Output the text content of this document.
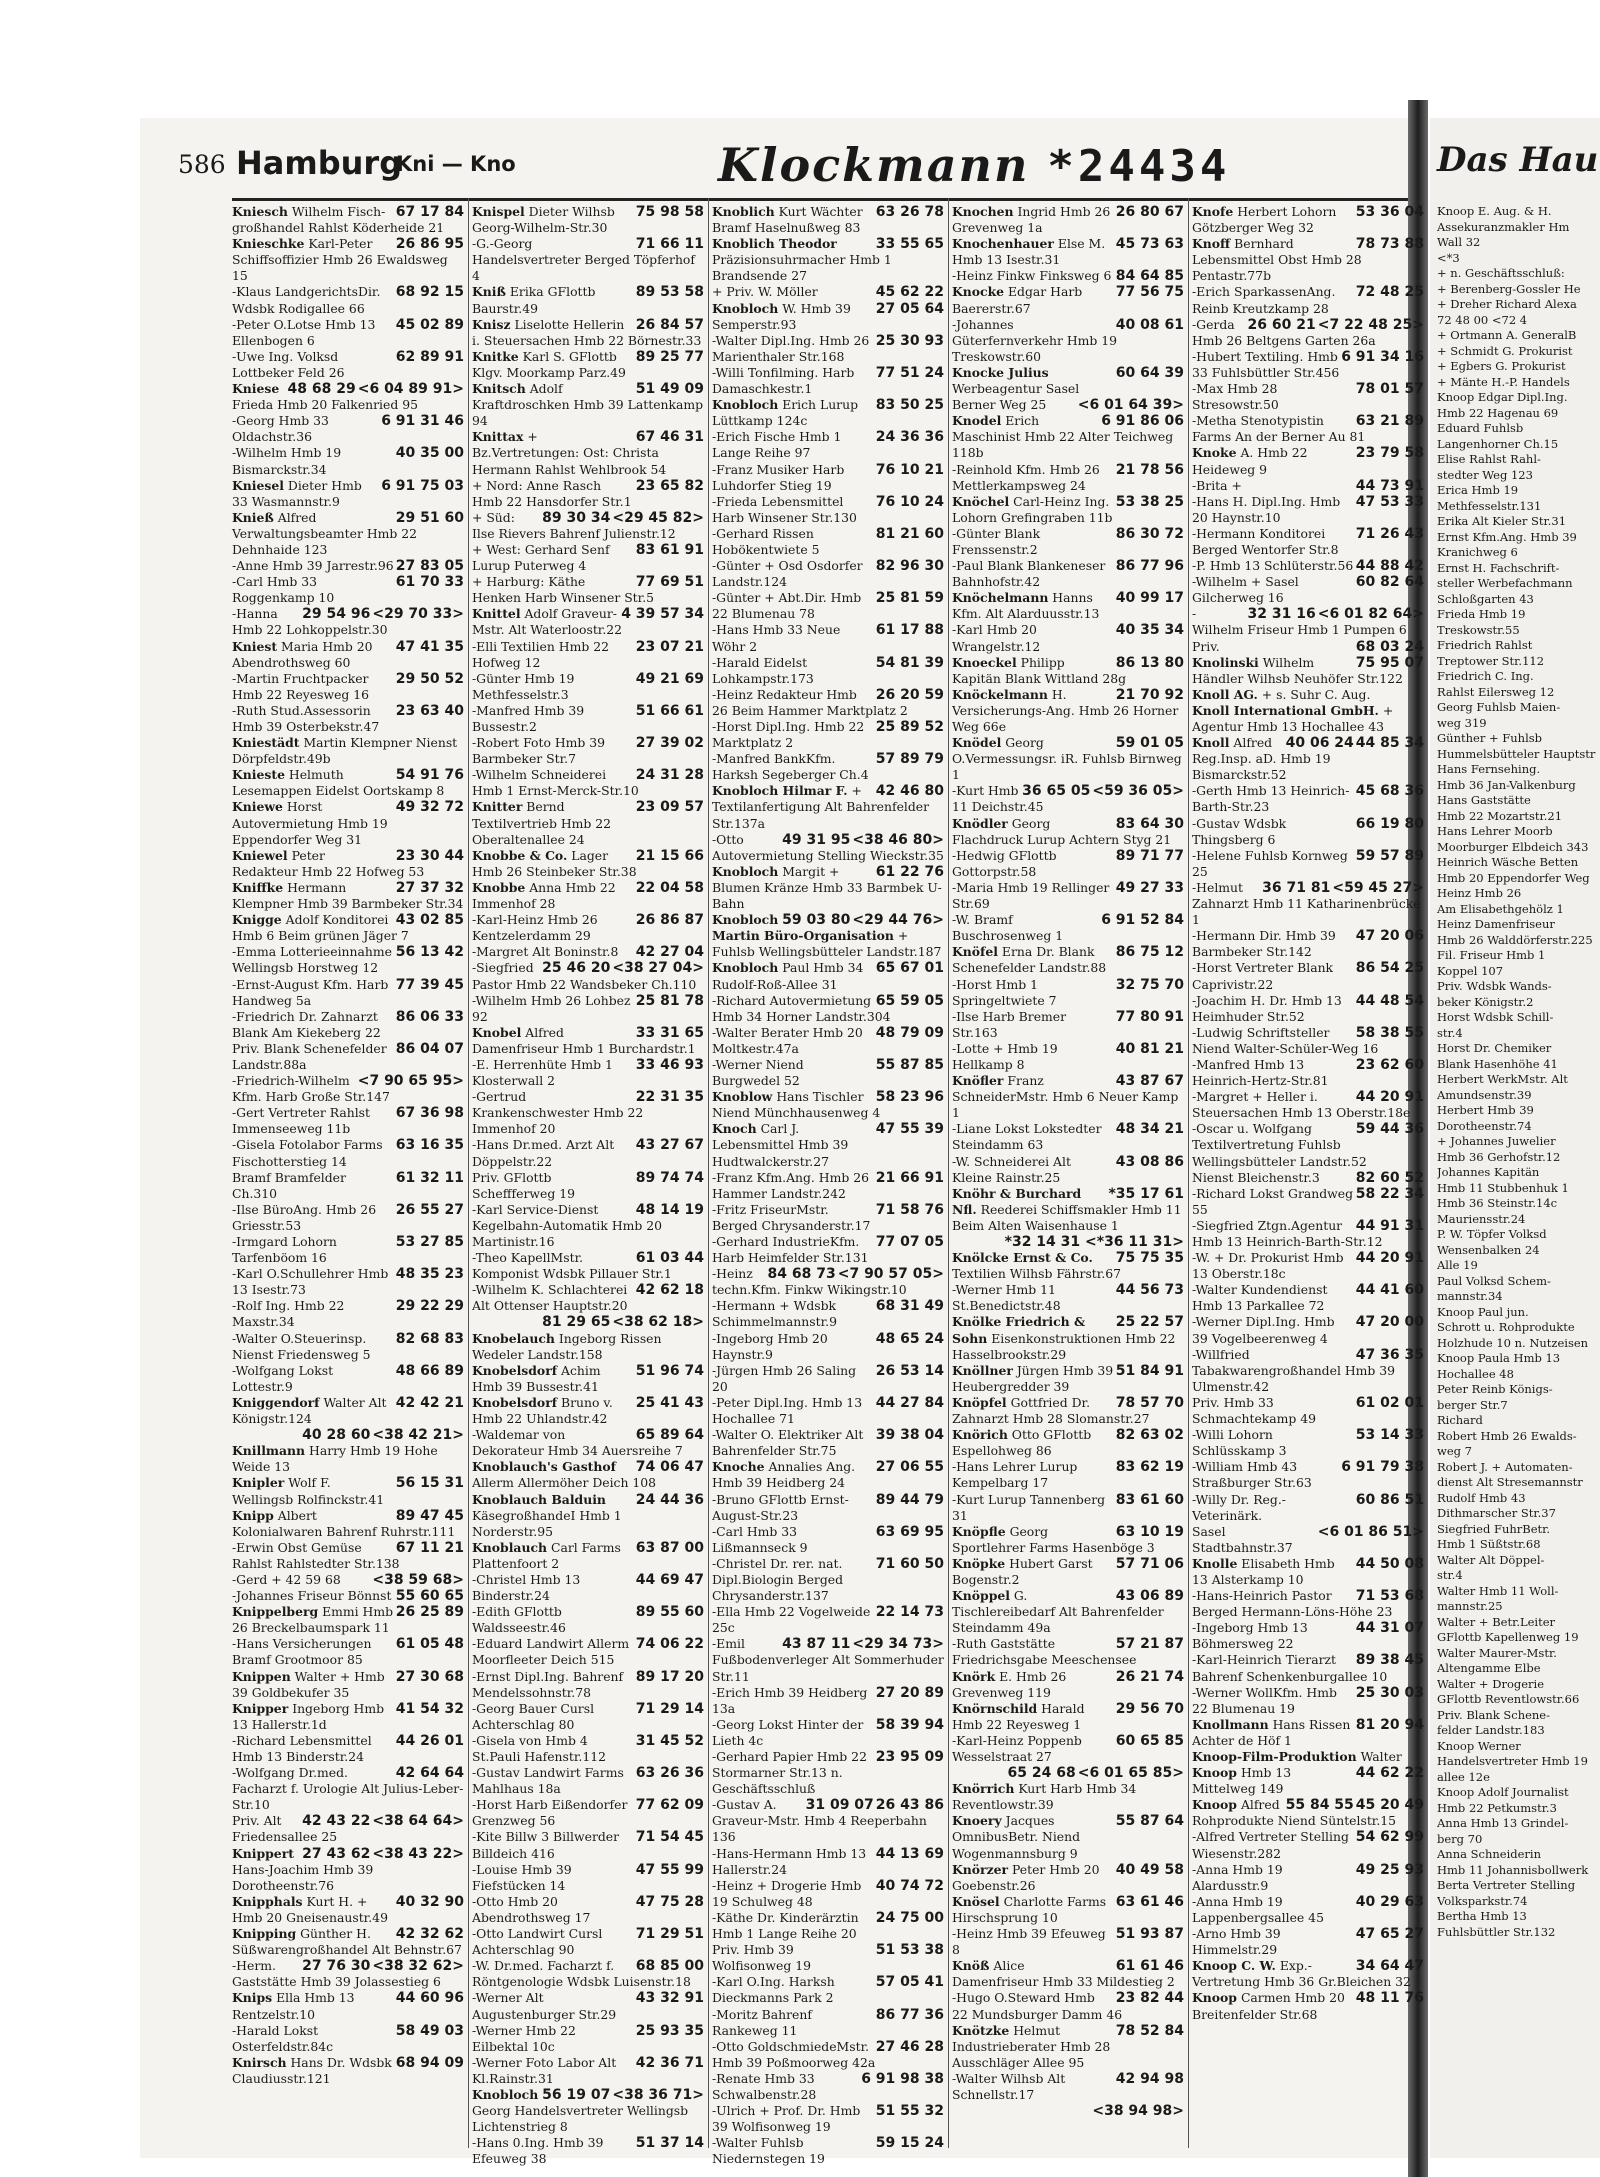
586 Hamburg
Kni — Kno	Klockmann *24434	Das Hau
67 17 84
Kniesch Wilhelm Fisch-großhandel Rahlst Köderheide 21
26 86 95
Knieschke Karl-Peter Schiffsoffizier Hmb 26 Ewaldsweg 15
68 92 15
-Klaus LandgerichtsDir. Wdsbk Rodigallee 66
45 02 89
-Peter O.Lotse Hmb 13 Ellenbogen 6
62 89 91
-Uwe Ing. Volksd Lottbeker Feld 26
<6 04 89 91>
48 68 29
Kniese Frieda Hmb 20 Falkenried 95
6 91 31 46
-Georg Hmb 33 Oldachstr.36
40 35 00
-Wilhelm Hmb 19 Bismarckstr.34
6 91 75 03
Kniesel Dieter Hmb 33 Wasmannstr.9
29 51 60
Knieß Alfred Verwaltungsbeamter Hmb 22 Dehnhaide 123
27 83 05
-Anne Hmb 39 Jarrestr.96
61 70 33
-Carl Hmb 33 Roggenkamp 10
<29 70 33>
29 54 96
-Hanna Hmb 22 Lohkoppelstr.30
47 41 35
Kniest Maria Hmb 20 Abendrothsweg 60
29 50 52
-Martin Fruchtpacker Hmb 22 Reyesweg 16
23 63 40
-Ruth Stud.Assessorin Hmb 39 Osterbekstr.47
Kniestädt Martin Klempner Nienst Dörpfeldstr.49b
54 91 76
Knieste Helmuth Lesemappen Eidelst Oortskamp 8
49 32 72
Kniewe Horst Autovermietung Hmb 19 Eppendorfer Weg 31
23 30 44
Kniewel Peter Redakteur Hmb 22 Hofweg 53
27 37 32
Kniffke Hermann Klempner Hmb 39 Barmbeker Str.34
43 02 85
Knigge Adolf Konditorei Hmb 6 Beim grünen Jäger 7
56 13 42
-Emma Lotterieeinnahme Wellingsb Horstweg 12
77 39 45
-Ernst-August Kfm. Harb Handweg 5a
86 06 33
-Friedrich Dr. Zahnarzt Blank Am Kiekeberg 22
86 04 07
Priv. Blank Schenefelder Landstr.88a
<7 90 65 95>
-Friedrich-Wilhelm Kfm. Harb Große Str.147
67 36 98
-Gert Vertreter Rahlst Immenseeweg 11b
63 16 35
-Gisela Fotolabor Farms Fischotterstieg 14
61 32 11
Bramf Bramfelder Ch.310
26 55 27
-Ilse BüroAng. Hmb 26 Griesstr.53
53 27 85
-Irmgard Lohorn Tarfenböom 16
48 35 23
-Karl O.Schullehrer Hmb 13 Isestr.73
29 22 29
-Rolf Ing. Hmb 22 Maxstr.34
82 68 83
-Walter O.Steuerinsp. Nienst Friedensweg 5
48 66 89
-Wolfgang Lokst Lottestr.9
42 42 21
Kniggendorf Walter Alt Königstr.124
<38 42 21>
40 28 60
Knillmann Harry Hmb 19 Hohe Weide 13
56 15 31
Knipler Wolf F. Wellingsb Rolfinckstr.41
89 47 45
Knipp Albert Kolonialwaren Bahrenf Ruhrstr.111
67 11 21
-Erwin Obst Gemüse Rahlst Rahlstedter Str.138
<38 59 68>
-Gerd + 42 59 68
55 60 65
-Johannes Friseur Bönnst
26 25 89
Knippelberg Emmi Hmb 26 Breckelbaumspark 11
61 05 48
-Hans Versicherungen Bramf Grootmoor 85
27 30 68
Knippen Walter + Hmb 39 Goldbekufer 35
41 54 32
Knipper Ingeborg Hmb 13 Hallerstr.1d
44 26 01
-Richard Lebensmittel Hmb 13 Binderstr.24
42 64 64
-Wolfgang Dr.med. Facharzt f. Urologie Alt Julius-Leber-Str.10
<38 64 64>
42 43 22
Priv. Alt Friedensallee 25
<38 43 22>
27 43 62
Knippert Hans-Joachim Hmb 39 Dorotheenstr.76
40 32 90
Knipphals Kurt H. + Hmb 20 Gneisenaustr.49
42 32 62
Knipping Günther H. Süßwarengroßhandel Alt Behnstr.67
<38 32 62>
27 76 30
-Herm. Gaststätte Hmb 39 Jolassestieg 6
44 60 96
Knips Ella Hmb 13 Rentzelstr.10
58 49 03
-Harald Lokst Osterfeldstr.84c
68 94 09
Knirsch Hans Dr. Wdsbk Claudiusstr.121
75 98 58
Knispel Dieter Wilhsb Georg-Wilhelm-Str.30
71 66 11
-G.-Georg Handelsvertreter Berged Töpferhof 4
89 53 58
Kniß Erika GFlottb Baurstr.49
26 84 57
Knisz Liselotte Hellerin i. Steuersachen Hmb 22 Börnestr.33
89 25 77
Knitke Karl S. GFlottb Klgv. Moorkamp Parz.49
51 49 09
Knitsch Adolf Kraftdroschken Hmb 39 Lattenkamp 94
67 46 31
Knittax + Bz.Vertretungen: Ost: Christa Hermann Rahlst Wehlbrook 54
23 65 82
+ Nord: Anne Rasch Hmb 22 Hansdorfer Str.1
<29 45 82>
89 30 34
+ Süd: Ilse Rievers Bahrenf Julienstr.12
83 61 91
+ West: Gerhard Senf Lurup Puterweg 4
77 69 51
+ Harburg: Käthe Henken Harb Winsener Str.5
4 39 57 34
Knittel Adolf Graveur-Mstr. Alt Waterloostr.22
23 07 21
-Elli Textilien Hmb 22 Hofweg 12
49 21 69
-Günter Hmb 19 Methfesselstr.3
51 66 61
-Manfred Hmb 39 Bussestr.2
27 39 02
-Robert Foto Hmb 39 Barmbeker Str.7
24 31 28
-Wilhelm Schneiderei Hmb 1 Ernst-Merck-Str.10
23 09 57
Knitter Bernd Textilvertrieb Hmb 22 Oberaltenallee 24
21 15 66
Knobbe & Co. Lager Hmb 26 Steinbeker Str.38
22 04 58
Knobbe Anna Hmb 22 Immenhof 28
26 86 87
-Karl-Heinz Hmb 26 Kentzelerdamm 29
42 27 04
-Margret Alt Boninstr.8
<38 27 04>
25 46 20
-Siegfried Pastor Hmb 22 Wandsbeker Ch.110
25 81 78
-Wilhelm Hmb 26 Lohbez 92
33 31 65
Knobel Alfred Damenfriseur Hmb 1 Burchardstr.1
33 46 93
-E. Herrenhüte Hmb 1 Klosterwall 2
22 31 35
-Gertrud Krankenschwester Hmb 22 Immenhof 20
43 27 67
-Hans Dr.med. Arzt Alt Döppelstr.22
89 74 74
Priv. GFlottb Scheffferweg 19
48 14 19
-Karl Service-Dienst Kegelbahn-Automatik Hmb 20 Martinistr.16
61 03 44
-Theo KapellMstr. Komponist Wdsbk Pillauer Str.1
42 62 18
-Wilhelm K. Schlachterei Alt Ottenser Hauptstr.20
<38 62 18>
81 29 65
Knobelauch Ingeborg Rissen Wedeler Landstr.158
51 96 74
Knobelsdorf Achim Hmb 39 Bussestr.41
25 41 43
Knobelsdorf Bruno v. Hmb 22 Uhlandstr.42
65 89 64
-Waldemar von Dekorateur Hmb 34 Auersreihe 7
74 06 47
Knoblauch's Gasthof Allerm Allermöher Deich 108
24 44 36
Knoblauch Balduin KäsegroßhandeI Hmb 1 Norderstr.95
63 87 00
Knoblauch Carl Farms Plattenfoort 2
44 69 47
-Christel Hmb 13 Binderstr.24
89 55 60
-Edith GFlottb Waldsseestr.46
74 06 22
-Eduard Landwirt Allerm Moorfleeter Deich 515
89 17 20
-Ernst Dipl.Ing. Bahrenf Mendelssohnstr.78
71 29 14
-Georg Bauer Cursl Achterschlag 80
31 45 52
-Gisela von Hmb 4 St.Pauli Hafenstr.112
63 26 36
-Gustav Landwirt Farms Mahlhaus 18a
77 62 09
-Horst Harb Eißendorfer Grenzweg 56
71 54 45
-Kite Billw 3 Billwerder Billdeich 416
47 55 99
-Louise Hmb 39 Fiefstücken 14
47 75 28
-Otto Hmb 20 Abendrothsweg 17
71 29 51
-Otto Landwirt Cursl Achterschlag 90
68 85 00
-W. Dr.med. Facharzt f. Röntgenologie Wdsbk Luisenstr.18
43 32 91
-Werner Alt Augustenburger Str.29
25 93 35
-Werner Hmb 22 Eilbektal 10c
42 36 71
-Werner Foto Labor Alt Kl.Rainstr.31
<38 36 71>
56 19 07
Knobloch Georg Handelsvertreter Wellingsb Lichtenstrieg 8
51 37 14
-Hans 0.Ing. Hmb 39 Efeuweg 38
63 26 78
Knoblich Kurt Wächter Bramf Haselnußweg 83
33 55 65
Knoblich Theodor Präzisionsuhrmacher Hmb 1 Brandsende 27
45 62 22
+ Priv. W. Möller
27 05 64
Knobloch W. Hmb 39 Semperstr.93
25 30 93
-Walter Dipl.Ing. Hmb 26 Marienthaler Str.168
77 51 24
-Willi Tonfilming. Harb Damaschkestr.1
83 50 25
Knobloch Erich Lurup Lüttkamp 124c
24 36 36
-Erich Fische Hmb 1 Lange Reihe 97
76 10 21
-Franz Musiker Harb Luhdorfer Stieg 19
76 10 24
-Frieda Lebensmittel Harb Winsener Str.130
81 21 60
-Gerhard Rissen Hobökentwiete 5
82 96 30
-Günter + Osd Osdorfer Landstr.124
25 81 59
-Günter + Abt.Dir. Hmb 22 Blumenau 78
61 17 88
-Hans Hmb 33 Neue Wöhr 2
54 81 39
-Harald Eidelst Lohkampstr.173
26 20 59
-Heinz Redakteur Hmb 26 Beim Hammer Marktplatz 2
25 89 52
-Horst Dipl.Ing. Hmb 22 Marktplatz 2
57 89 79
-Manfred BankKfm. Harksh Segeberger Ch.4
42 46 80
Knobloch Hilmar F. + Textilanfertigung Alt Bahrenfelder Str.137a
<38 46 80>
49 31 95
-Otto Autovermietung Stelling Wieckstr.35
61 22 76
Knobloch Margit + Blumen Kränze Hmb 33 Barmbek U-Bahn
<29 44 76>
59 03 80
Knobloch Martin Büro-Organisation + Fuhlsb Wellingsbütteler Landstr.187
65 67 01
Knobloch Paul Hmb 34 Rudolf-Roß-Allee 31
65 59 05
-Richard Autovermietung Hmb 34 Horner Landstr.304
48 79 09
-Walter Berater Hmb 20 Moltkestr.47a
55 87 85
-Werner Niend Burgwedel 52
58 23 96
Knoblow Hans Tischler Niend Münchhausenweg 4
47 55 39
Knoch Carl J. Lebensmittel Hmb 39 Hudtwalckerstr.27
21 66 91
-Franz Kfm.Ang. Hmb 26 Hammer Landstr.242
71 58 76
-Fritz FriseurMstr. Berged Chrysanderstr.17
77 07 05
-Gerhard IndustrieKfm. Harb Heimfelder Str.131
<7 90 57 05>
84 68 73
-Heinz techn.Kfm. Finkw Wikingstr.10
68 31 49
-Hermann + Wdsbk Schimmelmannstr.9
48 65 24
-Ingeborg Hmb 20 Haynstr.9
26 53 14
-Jürgen Hmb 26 Saling 20
44 27 84
-Peter Dipl.Ing. Hmb 13 Hochallee 71
39 38 04
-Walter O. Elektriker Alt Bahrenfelder Str.75
27 06 55
Knoche Annalies Ang. Hmb 39 Heidberg 24
89 44 79
-Bruno GFlottb Ernst-August-Str.23
63 69 95
-Carl Hmb 33 Lißmannseck 9
71 60 50
-Christel Dr. rer. nat. Dipl.Biologin Berged Chrysanderstr.137
22 14 73
-Ella Hmb 22 Vogelweide 25c
<29 34 73>
43 87 11
-Emil Fußbodenverleger Alt Sommerhuder Str.11
27 20 89
-Erich Hmb 39 Heidberg 13a
58 39 94
-Georg Lokst Hinter der Lieth 4c
23 95 09
-Gerhard Papier Hmb 22 Stormarner Str.13 n. Geschäftsschluß
26 43 86
31 09 07
-Gustav A. Graveur-Mstr. Hmb 4 Reeperbahn 136
44 13 69
-Hans-Hermann Hmb 13 Hallerstr.24
40 74 72
-Heinz + Drogerie Hmb 19 Schulweg 48
24 75 00
-Käthe Dr. Kinderärztin Hmb 1 Lange Reihe 20
51 53 38
Priv. Hmb 39 Wolfisonweg 19
57 05 41
-Karl O.Ing. Harksh Dieckmanns Park 2
86 77 36
-Moritz Bahrenf Rankeweg 11
27 46 28
-Otto GoldschmiedeMstr. Hmb 39 Poßmoorweg 42a
6 91 98 38
-Renate Hmb 33 Schwalbenstr.28
51 55 32
-Ulrich + Prof. Dr. Hmb 39 Wolfisonweg 19
59 15 24
-Walter Fuhlsb Niedernstegen 19
26 80 67
Knochen Ingrid Hmb 26 Grevenweg 1a
45 73 63
Knochenhauer Else M. Hmb 13 Isestr.31
84 64 85
-Heinz Finkw Finksweg 6
77 56 75
Knocke Edgar Harb Baererstr.67
40 08 61
-Johannes Güterfernverkehr Hmb 19 Treskowstr.60
60 64 39
Knocke Julius Werbeagentur Sasel
<6 01 64 39>
Berner Weg 25
6 91 86 06
Knodel Erich Maschinist Hmb 22 Alter Teichweg 118b
21 78 56
-Reinhold Kfm. Hmb 26 Mettlerkampsweg 24
53 38 25
Knöchel Carl-Heinz Ing. Lohorn Grefingraben 11b
86 30 72
-Günter Blank Frenssenstr.2
86 77 96
-Paul Blank Blankeneser Bahnhofstr.42
40 99 17
Knöchelmann Hanns Kfm. Alt Alarduusstr.13
40 35 34
-Karl Hmb 20 Wrangelstr.12
86 13 80
Knoeckel Philipp Kapitän Blank Wittland 28g
21 70 92
Knöckelmann H. Versicherungs-Ang. Hmb 26 Horner Weg 66e
59 01 05
Knödel Georg O.Vermessungsr. iR. Fuhlsb Birnweg 1
<59 36 05>
36 65 05
-Kurt Hmb 11 Deichstr.45
83 64 30
Knödler Georg Flachdruck Lurup Achtern Styg 21
89 71 77
-Hedwig GFlottb Gottorpstr.58
49 27 33
-Maria Hmb 19 Rellinger Str.69
6 91 52 84
-W. Bramf Buschrosenweg 1
86 75 12
Knöfel Erna Dr. Blank Schenefelder Landstr.88
32 75 70
-Horst Hmb 1 Springeltwiete 7
77 80 91
-Ilse Harb Bremer Str.163
40 81 21
-Lotte + Hmb 19 Hellkamp 8
43 87 67
Knöfler Franz SchneiderMstr. Hmb 6 Neuer Kamp 1
48 34 21
-Liane Lokst Lokstedter Steindamm 63
43 08 86
-W. Schneiderei Alt Kleine Rainstr.25
*35 17 61
Knöhr & Burchard Nfl. Reederei Schiffsmakler Hmb 11 Beim Alten Waisenhause 1
*32 14 31 <*36 11 31>
75 75 35
Knölcke Ernst & Co. Textilien Wilhsb Fährstr.67
44 56 73
-Werner Hmb 11 St.Benedictstr.48
25 22 57
Knölke Friedrich & Sohn Eisenkonstruktionen Hmb 22 Hasselbrookstr.29
51 84 91
Knöllner Jürgen Hmb 39 Heubergredder 39
78 57 70
Knöpfel Gottfried Dr. Zahnarzt Hmb 28 Slomanstr.27
82 63 02
Knörich Otto GFlottb Espellohweg 86
83 62 19
-Hans Lehrer Lurup Kempelbarg 17
83 61 60
-Kurt Lurup Tannenberg 31
63 10 19
Knöpfle Georg Sportlehrer Farms Hasenböge 3
57 71 06
Knöpke Hubert Garst Bogenstr.2
43 06 89
Knöppel G. Tischlereibedarf Alt Bahrenfelder Steindamm 49a
57 21 87
-Ruth Gaststätte Friedrichsgabe Meeschensee
26 21 74
Knörk E. Hmb 26 Grevenweg 119
29 56 70
Knörnschild Harald Hmb 22 Reyesweg 1
60 65 85
-Karl-Heinz Poppenb Wesselstraat 27
<6 01 65 85>
65 24 68
Knörrich Kurt Harb Hmb 34 Reventlowstr.39
55 87 64
Knoery Jacques OmnibusBetr. Niend Wogenmannsburg 9
40 49 58
Knörzer Peter Hmb 20 Goebenstr.26
63 61 46
Knösel Charlotte Farms Hirschsprung 10
51 93 87
-Heinz Hmb 39 Efeuweg 8
61 61 46
Knöß Alice Damenfriseur Hmb 33 Mildestieg 2
23 82 44
-Hugo O.Steward Hmb 22 Mundsburger Damm 46
78 52 84
Knötzke Helmut Industrieberater Hmb 28 Ausschläger Allee 95
42 94 98
-Walter Wilhsb Alt Schnellstr.17
<38 94 98>
53 36 04
Knofe Herbert Lohorn Götzberger Weg 32
78 73 88
Knoff Bernhard Lebensmittel Obst Hmb 28 Pentastr.77b
72 48 25
-Erich SparkassenAng. Reinb Kreutzkamp 28
<7 22 48 25>
26 60 21
-Gerda Hmb 26 Beltgens Garten 26a
6 91 34 16
-Hubert Textiling. Hmb 33 Fuhlsbüttler Str.456
78 01 57
-Max Hmb 28 Stresowstr.50
63 21 89
-Metha Stenotypistin Farms An der Berner Au 81
23 79 58
Knoke A. Hmb 22 Heideweg 9
44 73 91
-Brita +
47 53 33
-Hans H. Dipl.Ing. Hmb 20 Haynstr.10
71 26 43
-Hermann Konditorei Berged Wentorfer Str.8
44 88 42
-P. Hmb 13 Schlüterstr.56
60 82 64
-Wilhelm + Sasel Gilcherweg 16
<6 01 82 64>
32 31 16
-Wilhelm Friseur Hmb 1 Pumpen 6
68 03 24
Priv.
75 95 07
Knolinski Wilhelm Händler Wilhsb Neuhöfer Str.122
Knoll AG. + s. Suhr C. Aug.
Knoll International GmbH. + Agentur Hmb 13 Hochallee 43
44 85 34
40 06 24
Knoll Alfred Reg.Insp. aD. Hmb 19 Bismarckstr.52
45 68 36
-Gerth Hmb 13 Heinrich-Barth-Str.23
66 19 80
-Gustav Wdsbk Thingsberg 6
59 57 89
-Helene Fuhlsb Kornweg 25
<59 45 27>
36 71 81
-Helmut Zahnarzt Hmb 11 Katharinenbrücke 1
47 20 06
-Hermann Dir. Hmb 39 Barmbeker Str.142
86 54 25
-Horst Vertreter Blank Caprivistr.22
44 48 54
-Joachim H. Dr. Hmb 13 Heimhuder Str.52
58 38 55
-Ludwig Schriftsteller Niend Walter-Schüler-Weg 16
23 62 60
-Manfred Hmb 13 Heinrich-Hertz-Str.81
44 20 91
-Margret + Heller i. Steuersachen Hmb 13 Oberstr.18e
59 44 36
-Oscar u. Wolfgang Textilvertretung Fuhlsb Wellingsbütteler Landstr.52
82 60 52
Nienst Bleichenstr.3
58 22 34
-Richard Lokst Grandweg 55
44 91 31
-Siegfried Ztgn.Agentur Hmb 13 Heinrich-Barth-Str.12
44 20 91
-W. + Dr. Prokurist Hmb 13 Oberstr.18c
44 41 60
-Walter Kundendienst Hmb 13 Parkallee 72
47 20 00
-Werner Dipl.Ing. Hmb 39 Vogelbeerenweg 4
47 36 35
-Willfried Tabakwarengroßhandel Hmb 39 Ulmenstr.42
61 02 01
Priv. Hmb 33 Schmachtekamp 49
53 14 33
-Willi Lohorn Schlüsskamp 3
6 91 79 38
-William Hmb 43 Straßburger Str.63
60 86 51
-Willy Dr. Reg.-Veterinärk.
<6 01 86 51>
Sasel Stadtbahnstr.37
44 50 08
Knolle Elisabeth Hmb 13 Alsterkamp 10
71 53 68
-Hans-Heinrich Pastor Berged Hermann-Löns-Höhe 23
44 31 07
-Ingeborg Hmb 13 Böhmersweg 22
89 38 45
-Karl-Heinrich Tierarzt Bahrenf Schenkenburgallee 10
25 30 03
-Werner WollKfm. Hmb 22 Blumenau 19
81 20 94
Knollmann Hans Rissen Achter de Höf 1
Knoop-Film-Produktion Walter
44 62 22
Knoop Hmb 13 Mittelweg 149
45 20 49
55 84 55
Knoop Alfred Rohprodukte Niend Süntelstr.15
54 62 99
-Alfred Vertreter Stelling Wiesenstr.282
49 25 93
-Anna Hmb 19 Alardusstr.9
40 29 63
-Anna Hmb 19 Lappenbergsallee 45
47 65 27
-Arno Hmb 39 Himmelstr.29
34 64 47
Knoop C. W. Exp.-Vertretung Hmb 36 Gr.Bleichen 32
48 11 76
Knoop Carmen Hmb 20 Breitenfelder Str.68
Knoop E. Aug. & H.
Assekuranzmakler Hm
Wall 32
<*3
+ n. Geschäftsschluß:
+ Berenberg-Gossler He
+ Dreher Richard Alexa
72 48 00 <72 4
+ Ortmann A. GeneralB
+ Schmidt G. Prokurist
+ Egbers G. Prokurist
+ Mänte H.-P. Handels
Knoop Edgar Dipl.Ing.
Hmb 22 Hagenau 69
Eduard Fuhlsb
Langenhorner Ch.15
Elise Rahlst Rahl-
stedter Weg 123
Erica Hmb 19
Methfesselstr.131
Erika Alt Kieler Str.31
Ernst Kfm.Ang. Hmb 39
Kranichweg 6
Ernst H. Fachschrift-
steller Werbefachmann
Schloßgarten 43
Frieda Hmb 19
Treskowstr.55
Friedrich Rahlst
Treptower Str.112
Friedrich C. Ing.
Rahlst Eilersweg 12
Georg Fuhlsb Maien-
weg 319
Günther + Fuhlsb
Hummelsbütteler Hauptstr
Hans Fernsehing.
Hmb 36 Jan-Valkenburg
Hans Gaststätte
Hmb 22 Mozartstr.21
Hans Lehrer Moorb
Moorburger Elbdeich 343
Heinrich Wäsche Betten
Hmb 20 Eppendorfer Weg
Heinz Hmb 26
Am Elisabethgehölz 1
Heinz Damenfriseur
Hmb 26 Walddörferstr.225
Fil. Friseur Hmb 1
Koppel 107
Priv. Wdsbk Wands-
beker Königstr.2
Horst Wdsbk Schill-
str.4
Horst Dr. Chemiker
Blank Hasenhöhe 41
Herbert WerkMstr. Alt
Amundsenstr.39
Herbert Hmb 39
Dorotheenstr.74
+ Johannes Juwelier
Hmb 36 Gerhofstr.12
Johannes Kapitän
Hmb 11 Stubbenhuk 1
Hmb 36 Steinstr.14c
Mauriensstr.24
P. W. Töpfer Volksd
Wensenbalken 24
Alle 19
Paul Volksd Schem-
mannstr.34
Knoop Paul jun.
Schrott u. Rohprodukte
Holzhude 10 n. Nutzeisen
Knoop Paula Hmb 13
Hochallee 48
Peter Reinb Königs-
berger Str.7
Richard
Robert Hmb 26 Ewalds-
weg 7
Robert J. + Automaten-
dienst Alt Stresemannstr
Rudolf Hmb 43
Dithmarscher Str.37
Siegfried FuhrBetr.
Hmb 1 Süßtstr.68
Walter Alt Döppel-
str.4
Walter Hmb 11 Woll-
mannstr.25
Walter + Betr.Leiter
GFlottb Kapellenweg 19
Walter Maurer-Mstr.
Altengamme Elbe
Walter + Drogerie
GFlottb Reventlowstr.66
Priv. Blank Schene-
felder Landstr.183
Knoop Werner
Handelsvertreter Hmb 19
allee 12e
Knoop Adolf Journalist
Hmb 22 Petkumstr.3
Anna Hmb 13 Grindel-
berg 70
Anna Schneiderin
Hmb 11 Johannisbollwerk
Berta Vertreter Stelling
Volksparkstr.74
Bertha Hmb 13
Fuhlsbüttler Str.132
